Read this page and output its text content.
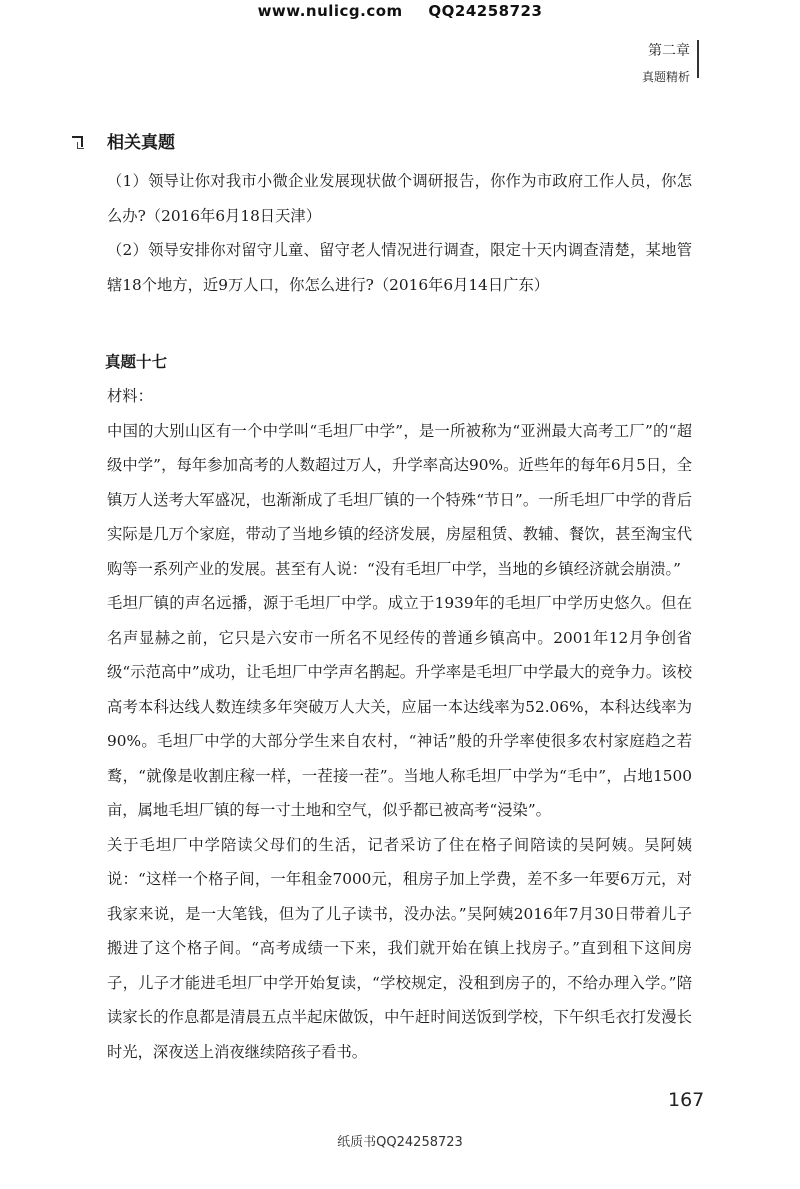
www.nulicg.com QQ24258723
第二章
真题精析
相关真题

（1）领导让你对我市小微企业发展现状做个调研报告，你作为市政府工作人员，你怎么办?（2016年6月18日天津）

（2）领导安排你对留守儿童、留守老人情况进行调查，限定十天内调查清楚，某地管辖18个地方，近9万人口，你怎么进行?（2016年6月14日广东）

真题十七
材料：

中国的大别山区有一个中学叫“毛坦厂中学”，是一所被称为“亚洲最大高考工厂”的“超级中学”，每年参加高考的人数超过万人，升学率高达90%。近些年的每年6月5日，全镇万人送考大军盛况，也渐渐成了毛坦厂镇的一个特殊“节日”。一所毛坦厂中学的背后实际是几万个家庭，带动了当地乡镇的经济发展，房屋租赁、教辅、餐饮，甚至淘宝代购等一系列产业的发展。甚至有人说：“没有毛坦厂中学，当地的乡镇经济就会崩溃。”

毛坦厂镇的声名远播，源于毛坦厂中学。成立于1939年的毛坦厂中学历史悠久。但在名声显赫之前，它只是六安市一所名不见经传的普通乡镇高中。2001年12月争创省级“示范高中”成功，让毛坦厂中学声名鹊起。升学率是毛坦厂中学最大的竞争力。该校高考本科达线人数连续多年突破万人大关，应届一本达线率为52.06%，本科达线率为90%。毛坦厂中学的大部分学生来自农村，“神话”般的升学率使很多农村家庭趋之若鹜，“就像是收割庄稼一样，一茬接一茬”。当地人称毛坦厂中学为“毛中”，占地1500亩，属地毛坦厂镇的每一寸土地和空气，似乎都已被高考“浸染”。

关于毛坦厂中学陪读父母们的生活，记者采访了住在格子间陪读的吴阿姨。吴阿姨说：“这样一个格子间，一年租金7000元，租房子加上学费，差不多一年要6万元，对我家来说，是一大笔钱，但为了儿子读书，没办法。”吴阿姨2016年7月30日带着儿子搬进了这个格子间。“高考成绩一下来，我们就开始在镇上找房子。”直到租下这间房子，儿子才能进毛坦厂中学开始复读，“学校规定，没租到房子的，不给办理入学。”陪读家长的作息都是清晨五点半起床做饭，中午赶时间送饭到学校，下午织毛衣打发漫长时光，深夜送上消夜继续陪孩子看书。

167
纸质书QQ24258723
